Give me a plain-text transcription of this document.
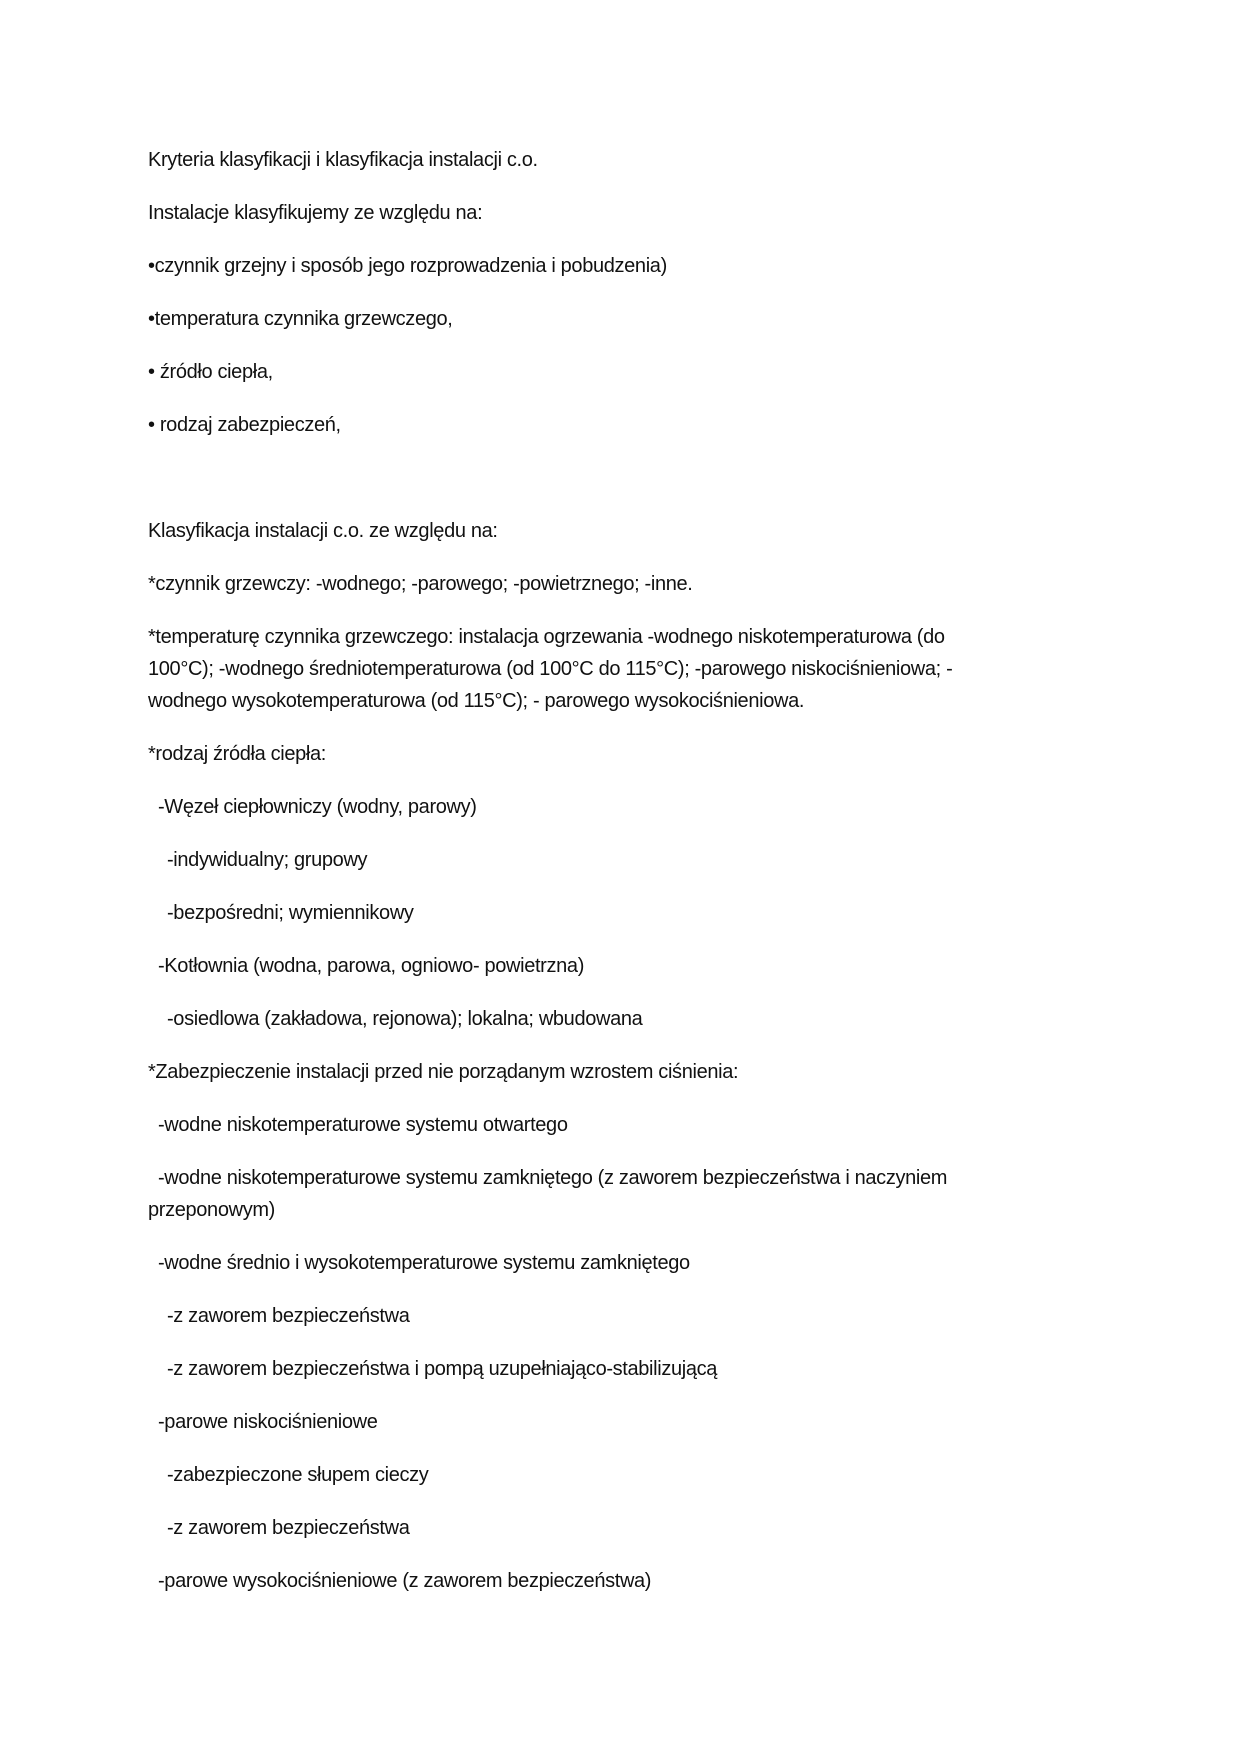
Kryteria klasyfikacji i klasyfikacja instalacji c.o.
Instalacje klasyfikujemy ze względu na:
•czynnik grzejny i sposób jego rozprowadzenia i pobudzenia)
•temperatura czynnika grzewczego,
• źródło ciepła,
• rodzaj zabezpieczeń,
Klasyfikacja instalacji c.o. ze względu na:
*czynnik grzewczy: -wodnego; -parowego; -powietrznego; -inne.
*temperaturę czynnika grzewczego: instalacja ogrzewania -wodnego niskotemperaturowa (do
100°C); -wodnego średniotemperaturowa (od 100°C do 115°C); -parowego niskociśnieniowa; -
wodnego wysokotemperaturowa (od 115°C); - parowego wysokociśnieniowa.
*rodzaj źródła ciepła:
-Węzeł ciepłowniczy (wodny, parowy)
-indywidualny; grupowy
-bezpośredni; wymiennikowy
-Kotłownia (wodna, parowa, ogniowo- powietrzna)
-osiedlowa (zakładowa, rejonowa); lokalna; wbudowana
*Zabezpieczenie instalacji przed nie porządanym wzrostem ciśnienia:
-wodne niskotemperaturowe systemu otwartego
-wodne niskotemperaturowe systemu zamkniętego (z zaworem bezpieczeństwa i naczyniem
przeponowym)
-wodne średnio i wysokotemperaturowe systemu zamkniętego
-z zaworem bezpieczeństwa
-z zaworem bezpieczeństwa i pompą uzupełniająco-stabilizującą
-parowe niskociśnieniowe
-zabezpieczone słupem cieczy
-z zaworem bezpieczeństwa
-parowe wysokociśnieniowe (z zaworem bezpieczeństwa)
